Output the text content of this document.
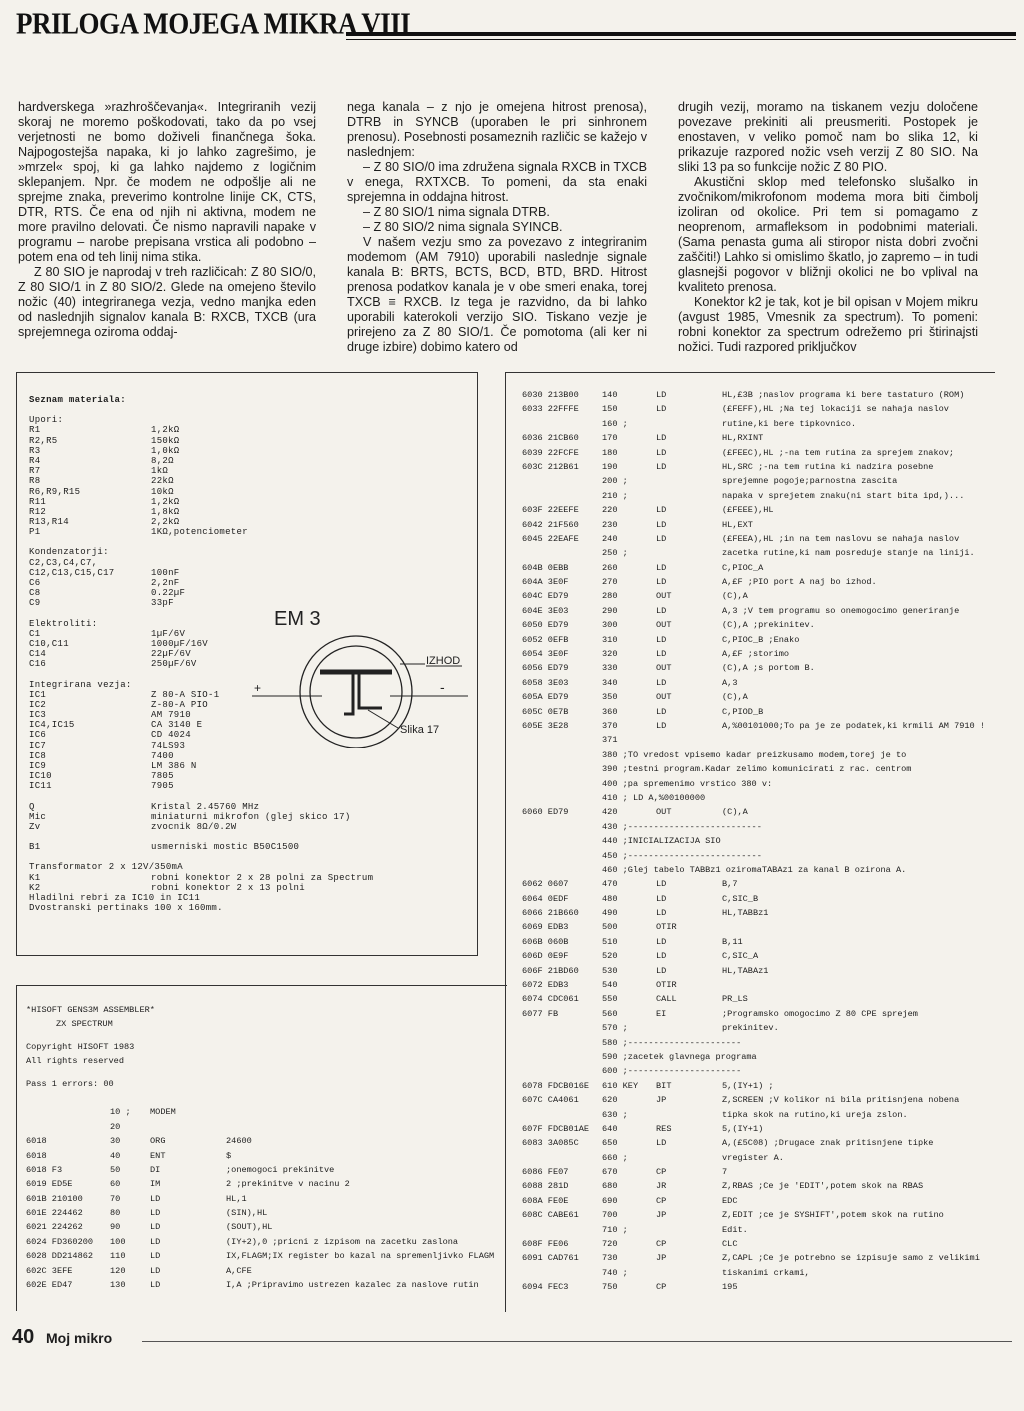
PRILOGA MOJEGA MIKRA VIII

hardverskega »razhroščevanja«. Integriranih vezij skoraj ne moremo poškodovati, tako da po vsej verjetnosti ne bomo doživeli finančnega šoka. Najpogostejša napaka, ki jo lahko zagrešimo, je »mrzel« spoj, ki ga lahko najdemo z logičnim sklepanjem. Npr. če modem ne odpošlje ali ne sprejme znaka, preverimo kontrolne linije CK, CTS, DTR, RTS. Če ena od njih ni aktivna, modem ne more pravilno delovati. Če nismo napravili napake v programu – narobe prepisana vrstica ali podobno – potem ena od teh linij nima stika.

Z 80 SIO je naprodaj v treh različicah: Z 80 SIO/0, Z 80 SIO/1 in Z 80 SIO/2. Glede na omejeno število nožic (40) integriranega vezja, vedno manjka eden od naslednjih signalov kanala B: RXCB, TXCB (ura sprejemnega oziroma oddaj-

nega kanala – z njo je omejena hitrost prenosa), DTRB in SYNCB (uporaben le pri sinhronem prenosu). Posebnosti posameznih različic se kažejo v naslednjem:

– Z 80 SIO/0 ima združena signala RXCB in TXCB v enega, RXTXCB. To pomeni, da sta enaki sprejemna in oddajna hitrost.

– Z 80 SIO/1 nima signala DTRB.

– Z 80 SIO/2 nima signala SYINCB.

V našem vezju smo za povezavo z integriranim modemom (AM 7910) uporabili naslednje signale kanala B: BRTS, BCTS, BCD, BTD, BRD. Hitrost prenosa podatkov kanala je v obe smeri enaka, torej TXCB ≡ RXCB. Iz tega je razvidno, da bi lahko uporabili katerokoli verzijo SIO. Tiskano vezje je prirejeno za Z 80 SIO/1. Če pomotoma (ali ker ni druge izbire) dobimo katero od

drugih vezij, moramo na tiskanem vezju določene povezave prekiniti ali preusmeriti. Postopek je enostaven, v veliko pomoč nam bo slika 12, ki prikazuje razpored nožic vseh verzij Z 80 SIO. Na sliki 13 pa so funkcije nožic Z 80 PIO.

Akustični sklop med telefonsko slušalko in zvočnikom/mikrofonom modema mora biti čimbolj izoliran od okolice. Pri tem si pomagamo z neoprenom, armafleksom in podobnimi materiali. (Sama penasta guma ali stiropor nista dobri zvočni zaščiti!) Lahko si omislimo škatlo, jo zapremo – in tudi glasnejši pogovor v bližnji okolici ne bo vplival na kvaliteto prenosa.

Konektor k2 je tak, kot je bil opisan v Mojem mikru (avgust 1985, Vmesnik za spectrum). To pomeni: robni konektor za spectrum odrežemo pri štirinajsti nožici. Tudi razpored priključkov

Seznam materiala:
Upori:
R1	1,2kΩ
R2,R5	150kΩ
R3	1,0kΩ
R4	8,2Ω
R7	1kΩ
R8	22kΩ
R6,R9,R15	10kΩ
R11	1,2kΩ
R12	1,8kΩ
R13,R14	2,2kΩ
P1	1KΩ,potenciometer
Kondenzatorji:
C2,C3,C4,C7,
C12,C13,C15,C17	100nF
C6	2,2nF
C8	0.22µF
C9	33pF
Elektroliti:
C1	1µF/6V
C10,C11	1000µF/16V
C14	22µF/6V
C16	250µF/6V
Integrirana vezja:
IC1	Z 80-A SIO-1
IC2	Z-80-A PIO
IC3	AM 7910
IC4,IC15	CA 3140 E
IC6	CD 4024
IC7	74LS93
IC8	7400
IC9	LM 386 N
IC10	7805
IC11	7905
Q	Kristal 2.45760 MHz
Mic	miniaturni mikrofon (glej skico 17)
Zv	zvocnik 8Ω/0.2W
B1	usmerniski mostic B50C1500
Transformator 2 x 12V/350mA
K1	robni konektor 2 x 28 polni za Spectrum
K2	robni konektor 2 x 13 polni
Hladilni rebri za IC10 in IC11
Dvostranski pertinaks 100 x 160mm.
EM 3
+	-
IZHOD
Slika 17
*HISOFT GENS3M ASSEMBLER*
ZX SPECTRUM
Copyright HISOFT 1983
All rights reserved
Pass 1 errors: 00
10 ; MODEM
20
6018	30	ORG	24600
6018	40	ENT	$
6018 F3	50	DI	;onemogoci prekinitve
6019 ED5E	60	IM	2 ;prekinitve v nacinu 2
601B 210100	70	LD	HL,1
601E 224462	80	LD	(SIN),HL
6021 224262	90	LD	(SOUT),HL
6024 FD360200 100	LD	(IY+2),0 ;pricni z izpisom na zacetku zaslona
6028 DD214862 110	LD	IX,FLAGM;IX register bo kazal na spremenljivko FLAGM
602C 3EFE	120	LD	A,CFE
602E ED47	130	LD	I,A ;Pripravimo ustrezen kazalec za naslove rutin
6030 213B00	140	LD	HL,£3B ;naslov programa ki bere tastaturo (ROM)
6033 22FFFE	150	LD	(£FEFF),HL ;Na tej lokaciji se nahaja naslov
160 ;	rutine,ki bere tipkovnico.
6036 21CB60	170	LD	HL,RXINT
6039 22FCFE	180	LD	(£FEEC),HL ;-na tem rutina za sprejem znakov;
603C 212B61	190	LD	HL,SRC ;-na tem rutina ki nadzira posebne
200 ;	sprejemne pogoje;parnostna zascita
210 ;	napaka v sprejetem znaku(ni start bita ipd,)...
603F 22EEFE	220	LD	(£FEEE),HL
6042 21F560	230	LD	HL,EXT
6045 22EAFE	240	LD	(£FEEA),HL ;in na tem naslovu se nahaja naslov
250 ;	zacetka rutine,ki nam posreduje stanje na liniji.
604B 0EBB	260	LD	C,PIOC_A
604A 3E0F	270	LD	A,£F ;PIO port A naj bo izhod.
604C ED79	280	OUT	(C),A
604E 3E03	290	LD	A,3 ;V tem programu so onemogocimo generiranje
6050 ED79	300	OUT	(C),A ;prekinitev.
6052 0EFB	310	LD	C,PIOC_B ;Enako
6054 3E0F	320	LD	A,£F ;storimo
6056 ED79	330	OUT	(C),A ;s portom B.
6058 3E03	340	LD	A,3
605A ED79	350	OUT	(C),A
605C 0E7B	360	LD	C,PIOD_B
605E 3E28	370	LD	A,%00101000;To pa je ze podatek,ki krmili AM 7910 !
371
380 ;TO vredost vpisemo kadar preizkusamo modem,torej je to
390 ;testni program.Kadar zelimo komunicirati z rac. centrom
400 ;pa spremenimo vrstico 380 v:
410 ; LD A,%00100000
6060 ED79	420	OUT	(C),A
430 ;--------------------------
440 ;INICIALIZACIJA SIO
450 ;--------------------------
460 ;Glej tabelo TABBz1 oziromaTABAz1 za kanal B ozirona A.
6062 0607	470	LD	B,7
6064 0EDF	480	LD	C,SIC_B
6066 21B660	490	LD	HL,TABBz1
6069 EDB3	500	OTIR
606B 060B	510	LD	B,11
606D 0E9F	520	LD	C,SIC_A
606F 21BD60	530	LD	HL,TABAz1
6072 EDB3	540	OTIR
6074 CDC061	550	CALL	PR_LS
6077 FB	560	EI	;Programsko omogocimo Z 80 CPE sprejem
570 ;	prekinitev.
580 ;----------------------
590 ;zacetek glavnega programa
600 ;----------------------
6078 FDCB016E 610 KEY BIT	5,(IY+1) ;
607C CA4061	620	JP	Z,SCREEN ;V kolikor ni bila pritisnjena nobena
630 ;	tipka skok na rutino,ki ureja zslon.
607F FDCB01AE 640	RES	5,(IY+1)
6083 3A085C	650	LD	A,(£5C08) ;Drugace znak pritisnjene tipke
660 ;	vregister A.
6086 FE07	670	CP	7
6088 281D	680	JR	Z,RBAS ;Ce je 'EDIT',potem skok na RBAS
608A FE0E	690	CP	EDC
608C CABE61	700	JP	Z,EDIT ;ce je SYSHIFT',potem skok na rutino
710 ;	Edit.
608F FE06	720	CP	CLC
6091 CAD761	730	JP	Z,CAPL ;Ce je potrebno se izpisuje samo z velikimi
740 ;	tiskanimi crkami,
6094 FEC3	750	CP	195
40 Moj mikro
